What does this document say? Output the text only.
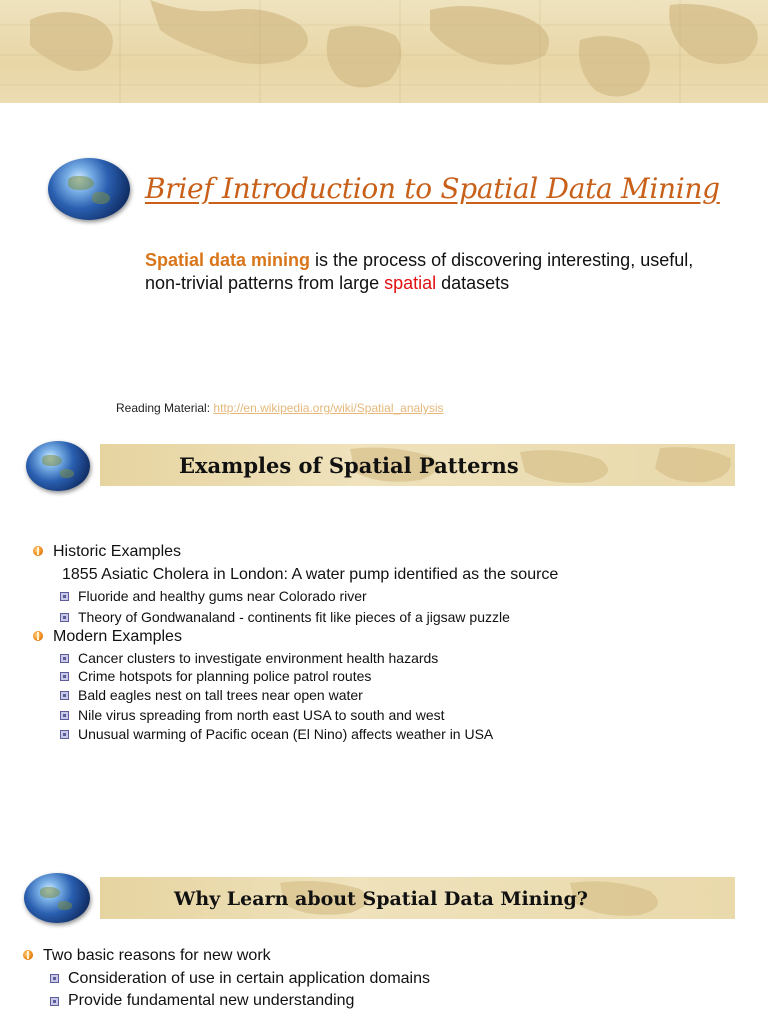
Brief Introduction to Spatial Data Mining
Spatial data mining is the process of discovering interesting, useful, non-trivial patterns from large spatial datasets
Reading Material: http://en.wikipedia.org/wiki/Spatial_analysis
Examples of Spatial Patterns
Historic Examples
1855 Asiatic Cholera in London: A water pump identified as the source
Fluoride and healthy gums near Colorado river
Theory of Gondwanaland - continents fit like pieces of a jigsaw puzzle
Modern Examples
Cancer clusters to investigate environment health hazards
Crime hotspots for planning police patrol routes
Bald eagles nest on tall trees near open water
Nile virus spreading from north east USA to south and west
Unusual warming of Pacific ocean (El Nino) affects weather in USA
Why Learn about Spatial Data Mining?
Two basic reasons for new work
Consideration of use in certain application domains
Provide fundamental new understanding
